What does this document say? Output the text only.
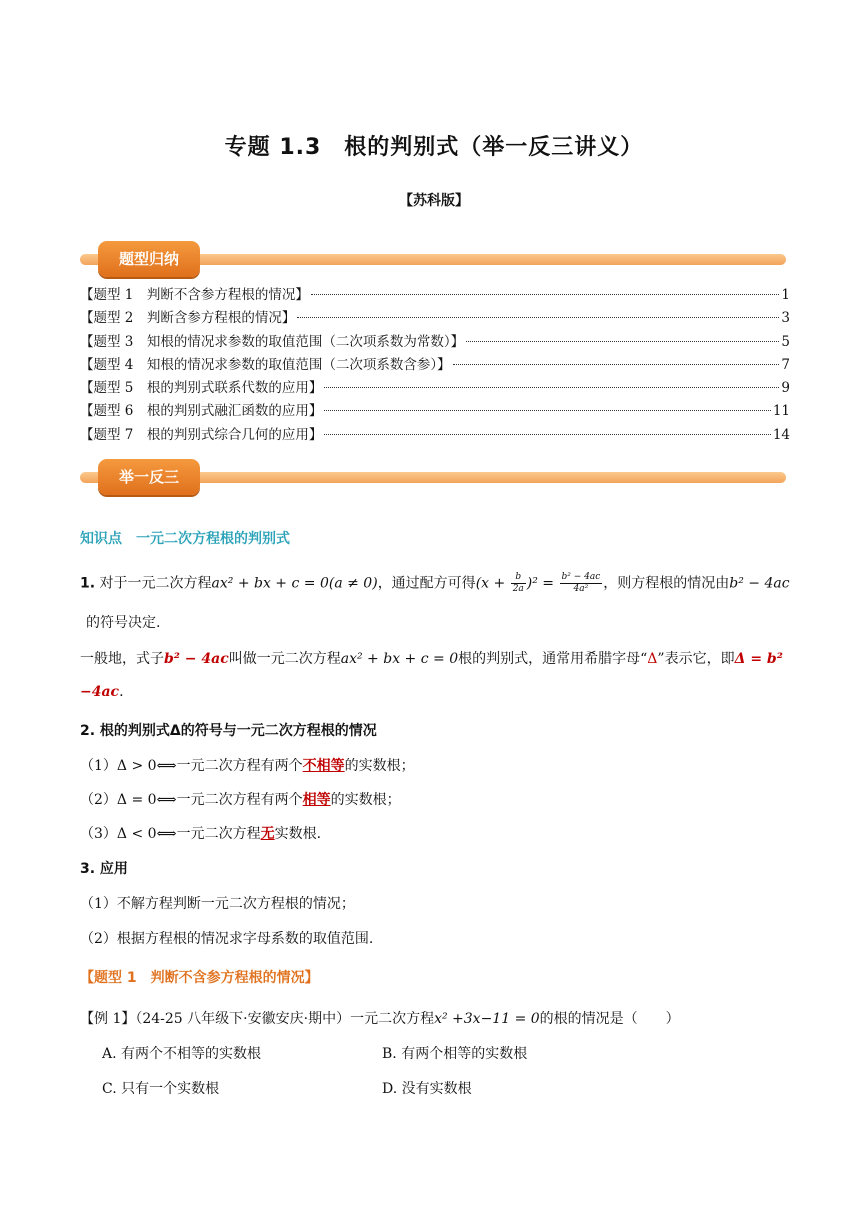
专题 1.3　根的判别式（举一反三讲义）
【苏科版】
题型归纳
【题型 1　判断不含参方程根的情况】	1
【题型 2　判断含参方程根的情况】	3
【题型 3　知根的情况求参数的取值范围（二次项系数为常数）】	5
【题型 4　知根的情况求参数的取值范围（二次项系数含参）】	7
【题型 5　根的判别式联系代数的应用】	9
【题型 6　根的判别式融汇函数的应用】	11
【题型 7　根的判别式综合几何的应用】	14
举一反三
知识点　一元二次方程根的判别式
1. 对于一元二次方程ax² + bx + c = 0(a ≠ 0)，通过配方可得$(x + \frac{b}{2a} )^2 = \frac{\text{b² − 4ac}}{\text{4a²}}$ ，则方程根的情况由b² − 4ac
的符号决定.
一般地，式子b² − 4ac叫做一元二次方程ax² + bx + c = 0根的判别式，通常用希腊字母“Δ”表示它，即Δ = b²
−4ac.
2. 根的判别式Δ的符号与一元二次方程根的情况
（1）Δ > 0⟺一元二次方程有两个不相等的实数根；
（2）Δ = 0⟺一元二次方程有两个相等的实数根；
（3）Δ < 0⟺一元二次方程无实数根.
3. 应用
（1）不解方程判断一元二次方程根的情况；
（2）根据方程根的情况求字母系数的取值范围.
【题型 1　判断不含参方程根的情况】
【例 1】（24-25 八年级下·安徽安庆·期中）一元二次方程x² +3x−11 = 0的根的情况是（　　）
A. 有两个不相等的实数根	B. 有两个相等的实数根
C. 只有一个实数根	D. 没有实数根
